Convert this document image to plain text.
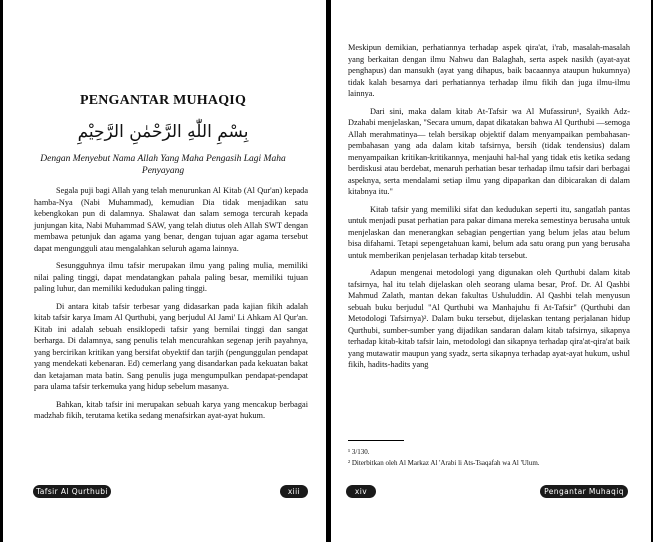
PENGANTAR MUHAQIQ
بِسْمِ اللّٰهِ الرَّحْمٰنِ الرَّحِيْمِ
Dengan Menyebut Nama Allah Yang Maha Pengasih Lagi Maha Penyayang

Segala puji bagi Allah yang telah menurunkan Al Kitab (Al Qur'an) kepada hamba-Nya (Nabi Muhammad), kemudian Dia tidak menjadikan satu kebengkokan pun di dalamnya. Shalawat dan salam semoga tercurah kepada junjungan kita, Nabi Muhammad SAW, yang telah diutus oleh Allah SWT dengan membawa petunjuk dan agama yang benar, dengan tujuan agar agama tersebut dapat mengungguli atau mengalahkan seluruh agama lainnya.

Sesungguhnya ilmu tafsir merupakan ilmu yang paling mulia, memiliki nilai paling tinggi, dapat mendatangkan pahala paling besar, memiliki tujuan paling luhur, dan memiliki kedudukan paling tinggi.

Di antara kitab tafsir terbesar yang didasarkan pada kajian fikih adalah kitab tafsir karya Imam Al Qurthubi, yang berjudul Al Jami' Li Ahkam Al Qur'an. Kitab ini adalah sebuah ensiklopedi tafsir yang bernilai tinggi dan sangat berharga. Di dalamnya, sang penulis telah mencurahkan segenap jerih payahnya, yang bercirikan kritikan yang bersifat obyektif dan tarjih (pengunggulan pendapat yang mendekati kebenaran. Ed) cemerlang yang disandarkan pada kekuatan bakat dan ketajaman mata batin. Sang penulis juga mengumpulkan pendapat-pendapat para ulama tafsir terkemuka yang hidup sebelum masanya.

Bahkan, kitab tafsir ini merupakan sebuah karya yang mencakup berbagai madzhab fikih, terutama ketika sedang menafsirkan ayat-ayat hukum.

Meskipun demikian, perhatiannya terhadap aspek qira'at, i'rab, masalah-masalah yang berkaitan dengan ilmu Nahwu dan Balaghah, serta aspek nasikh (ayat-ayat penghapus) dan mansukh (ayat yang dihapus, baik bacaannya ataupun hukumnya) tidak kalah besarnya dari perhatiannya terhadap ilmu fikih dan juga ilmu-ilmu lainnya.

Dari sini, maka dalam kitab At-Tafsir wa Al Mufassirun¹, Syaikh Adz-Dzahabi menjelaskan, "Secara umum, dapat dikatakan bahwa Al Qurthubi —semoga Allah merahmatinya— telah bersikap objektif dalam menyampaikan pembahasan-pembahasan yang ada dalam kitab tafsirnya, bersih (tidak tendensius) dalam menyampaikan kritikan-kritikannya, menjauhi hal-hal yang tidak etis ketika sedang berdiskusi atau berdebat, menaruh perhatian besar terhadap ilmu tafsir dari berbagai aspeknya, serta mendalami setiap ilmu yang dipaparkan dan dibicarakan di dalam kitabnya itu."

Kitab tafsir yang memiliki sifat dan kedudukan seperti itu, sangatlah pantas untuk menjadi pusat perhatian para pakar dimana mereka semestinya berusaha untuk menjelaskan dan menerangkan sebagian pengertian yang belum jelas atau belum bisa difahami. Tetapi sepengetahuan kami, belum ada satu orang pun yang berusaha untuk memberikan penjelasan terhadap kitab tersebut.

Adapun mengenai metodologi yang digunakan oleh Qurthubi dalam kitab tafsirnya, hal itu telah dijelaskan oleh seorang ulama besar, Prof. Dr. Al Qashbi Mahmud Zalath, mantan dekan fakultas Ushuluddin. Al Qashbi telah menyusun sebuah buku berjudul "Al Qurthubi wa Manhajuhu fi At-Tafsir" (Qurthubi dan Metodologi Tafsirnya)². Dalam buku tersebut, dijelaskan tentang perjalanan hidup Qurthubi, sumber-sumber yang dijadikan sandaran dalam kitab tafsirnya, sikapnya terhadap kitab-kitab tafsir lain, metodologi dan sikapnya terhadap qira'at-qira'at baik yang mutawatir maupun yang syadz, serta sikapnya terhadap ayat-ayat hukum, ushul fikih, hadits-hadits yang

¹ 3/130.
² Diterbitkan oleh Al Markaz Al 'Arabi li Ats-Tsaqafah wa Al 'Ulum.
Tafsir Al Qurthubi	xiii	xiv	Pengantar Muhaqiq
